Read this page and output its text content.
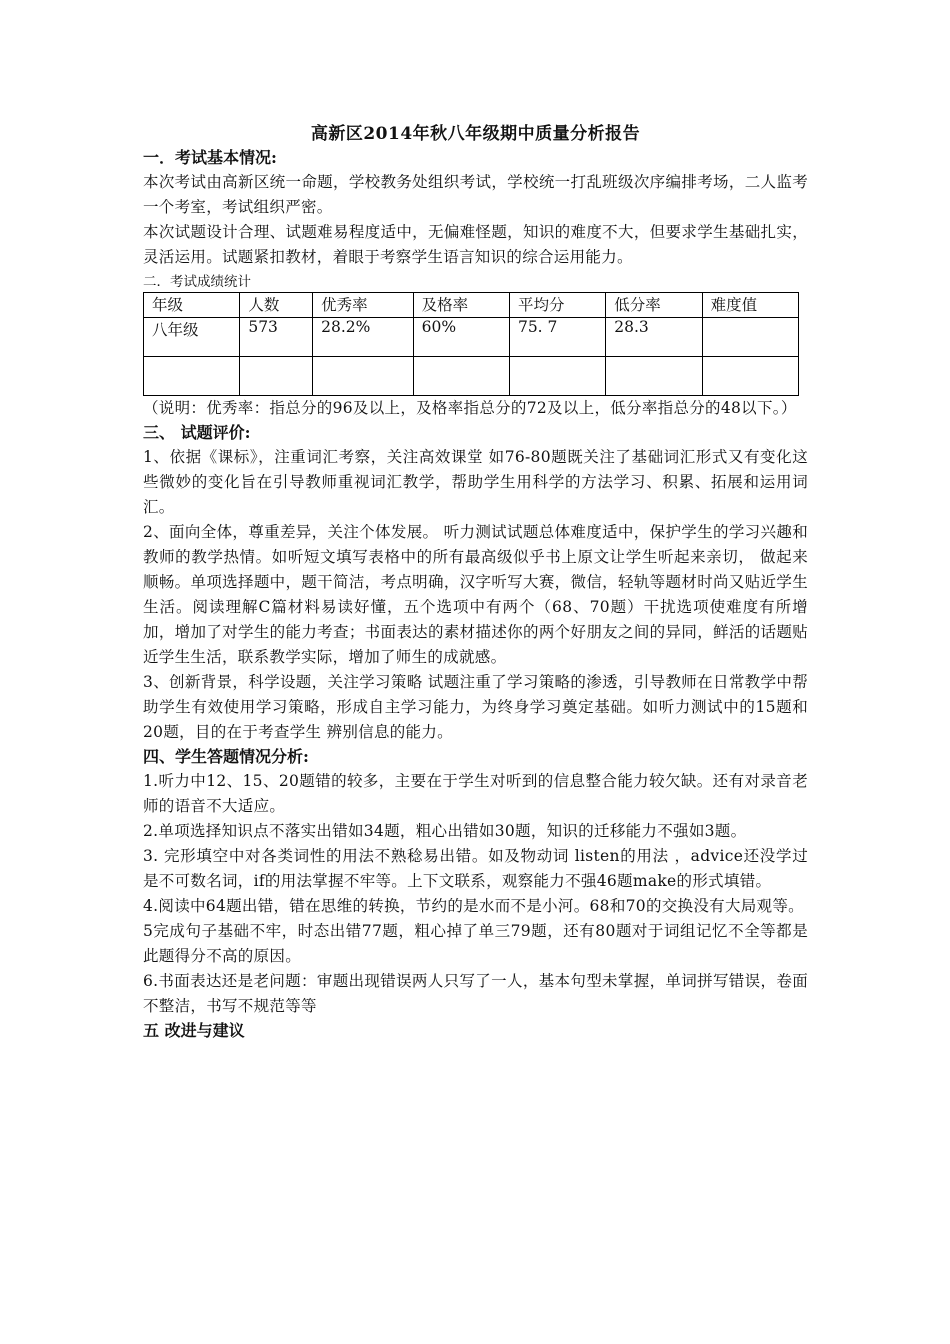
高新区2014年秋八年级期中质量分析报告

一．考试基本情况:

本次考试由高新区统一命题，学校教务处组织考试，学校统一打乱班级次序编排考场，二人监考一个考室，考试组织严密。

本次试题设计合理、试题难易程度适中，无偏难怪题，知识的难度不大，但要求学生基础扎实，灵活运用。试题紧扣教材，着眼于考察学生语言知识的综合运用能力。

二．考试成绩统计

年级	人数	优秀率	及格率	平均分	低分率	难度值
八年级	573	28.2%	60%	75. 7	28.3	

（说明：优秀率：指总分的96及以上，及格率指总分的72及以上，低分率指总分的48以下。）

三、 试题评价:

1、依据《课标》，注重词汇考察，关注高效课堂 如76-80题既关注了基础词汇形式又有变化这些微妙的变化旨在引导教师重视词汇教学，帮助学生用科学的方法学习、积累、拓展和运用词汇。

2、面向全体，尊重差异，关注个体发展。 听力测试试题总体难度适中，保护学生的学习兴趣和教师的教学热情。如听短文填写表格中的所有最高级似乎书上原文让学生听起来亲切， 做起来顺畅。单项选择题中，题干简洁，考点明确，汉字听写大赛，微信，轻轨等题材时尚又贴近学生生活。阅读理解C篇材料易读好懂，五个选项中有两个（68、70题）干扰选项使难度有所增加，增加了对学生的能力考查；书面表达的素材描述你的两个好朋友之间的异同，鲜活的话题贴近学生生活，联系教学实际，增加了师生的成就感。

3、创新背景，科学设题，关注学习策略 试题注重了学习策略的渗透，引导教师在日常教学中帮助学生有效使用学习策略，形成自主学习能力，为终身学习奠定基础。如听力测试中的15题和20题，目的在于考查学生 辨别信息的能力。

四、学生答题情况分析:

1.听力中12、15、20题错的较多，主要在于学生对听到的信息整合能力较欠缺。还有对录音老师的语音不大适应。

2.单项选择知识点不落实出错如34题，粗心出错如30题，知识的迁移能力不强如3题。

3. 完形填空中对各类词性的用法不熟稔易出错。如及物动词 listen的用法 ，advice还没学过是不可数名词，if的用法掌握不牢等。上下文联系，观察能力不强46题make的形式填错。

4.阅读中64题出错，错在思维的转换，节约的是水而不是小河。68和70的交换没有大局观等。

5完成句子基础不牢，时态出错77题，粗心掉了单三79题，还有80题对于词组记忆不全等都是此题得分不高的原因。

6.书面表达还是老问题：审题出现错误两人只写了一人，基本句型未掌握，单词拼写错误，卷面不整洁，书写不规范等等

五 改进与建议
